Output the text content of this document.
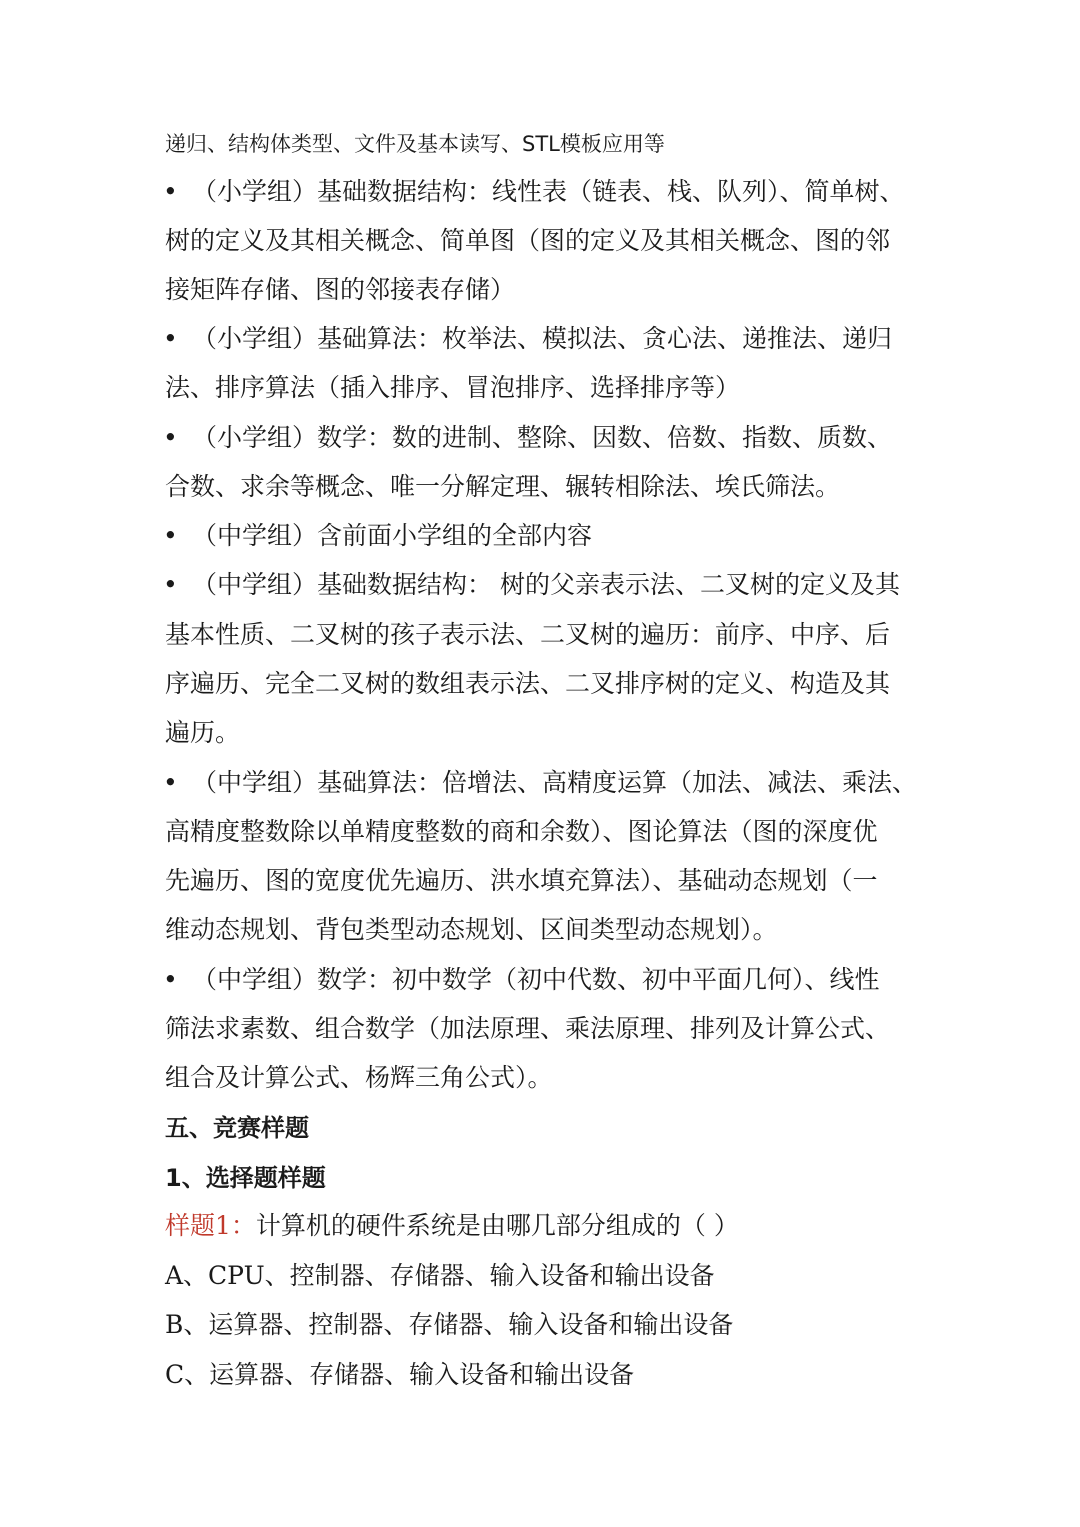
递归、结构体类型、文件及基本读写、STL模板应用等
• （小学组）基础数据结构：线性表（链表、栈、队列）、简单树、
树的定义及其相关概念、简单图（图的定义及其相关概念、图的邻
接矩阵存储、图的邻接表存储）
• （小学组）基础算法：枚举法、模拟法、贪心法、递推法、递归
法、排序算法（插入排序、冒泡排序、选择排序等）
• （小学组）数学：数的进制、整除、因数、倍数、指数、质数、
合数、求余等概念、唯一分解定理、辗转相除法、埃氏筛法。
• （中学组）含前面小学组的全部内容
• （中学组）基础数据结构： 树的父亲表示法、二叉树的定义及其
基本性质、二叉树的孩子表示法、二叉树的遍历：前序、中序、后
序遍历、完全二叉树的数组表示法、二叉排序树的定义、构造及其
遍历。
• （中学组）基础算法：倍增法、高精度运算（加法、减法、乘法、
高精度整数除以单精度整数的商和余数）、图论算法（图的深度优
先遍历、图的宽度优先遍历、洪水填充算法）、基础动态规划（一
维动态规划、背包类型动态规划、区间类型动态规划）。
• （中学组）数学：初中数学（初中代数、初中平面几何）、线性
筛法求素数、组合数学（加法原理、乘法原理、排列及计算公式、
组合及计算公式、杨辉三角公式）。
五、竞赛样题
1、选择题样题
样题1：计算机的硬件系统是由哪几部分组成的（ ）
A、CPU、控制器、存储器、输入设备和输出设备
B、运算器、控制器、存储器、输入设备和输出设备
C、运算器、存储器、输入设备和输出设备
